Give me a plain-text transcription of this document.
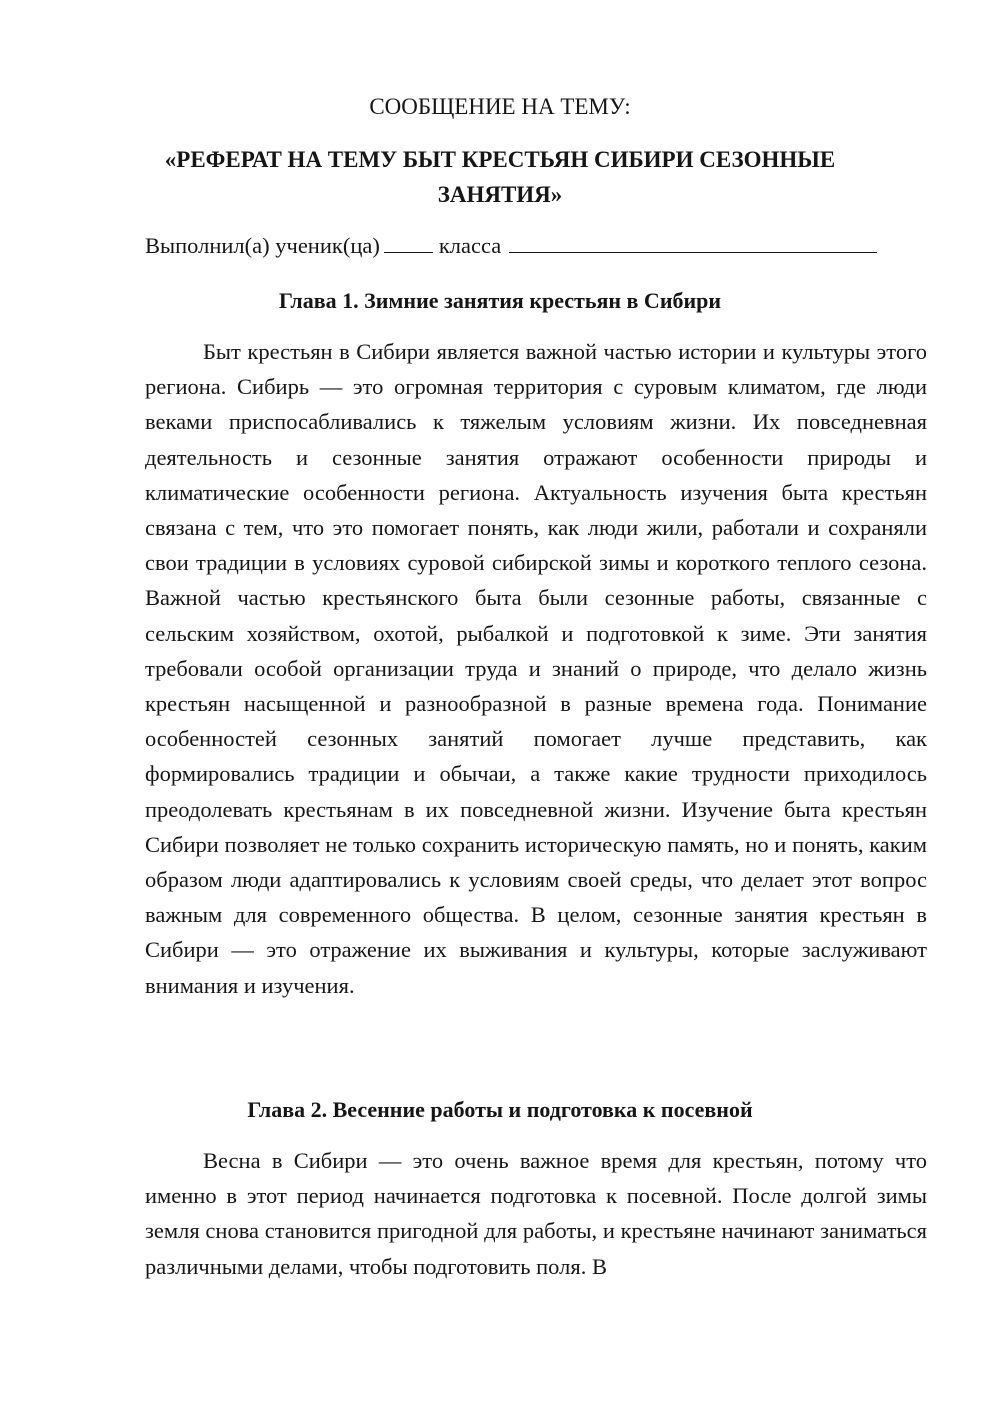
СООБЩЕНИЕ НА ТЕМУ:

«РЕФЕРАТ НА ТЕМУ БЫТ КРЕСТЬЯН СИБИРИ СЕЗОННЫЕ ЗАНЯТИЯ»

Выполнил(а) ученик(ца)	класса
Глава 1. Зимние занятия крестьян в Сибири

Быт крестьян в Сибири является важной частью истории и культуры этого региона. Сибирь — это огромная территория с суровым климатом, где люди веками приспосабливались к тяжелым условиям жизни. Их повседневная деятельность и сезонные занятия отражают особенности природы и климатические особенности региона. Актуальность изучения быта крестьян связана с тем, что это помогает понять, как люди жили, работали и сохраняли свои традиции в условиях суровой сибирской зимы и короткого теплого сезона. Важной частью крестьянского быта были сезонные работы, связанные с сельским хозяйством, охотой, рыбалкой и подготовкой к зиме. Эти занятия требовали особой организации труда и знаний о природе, что делало жизнь крестьян насыщенной и разнообразной в разные времена года. Понимание особенностей сезонных занятий помогает лучше представить, как формировались традиции и обычаи, а также какие трудности приходилось преодолевать крестьянам в их повседневной жизни. Изучение быта крестьян Сибири позволяет не только сохранить историческую память, но и понять, каким образом люди адаптировались к условиям своей среды, что делает этот вопрос важным для современного общества. В целом, сезонные занятия крестьян в Сибири — это отражение их выживания и культуры, которые заслуживают внимания и изучения.

Глава 2. Весенние работы и подготовка к посевной

Весна в Сибири — это очень важное время для крестьян, потому что именно в этот период начинается подготовка к посевной. После долгой зимы земля снова становится пригодной для работы, и крестьяне начинают заниматься различными делами, чтобы подготовить поля. В
